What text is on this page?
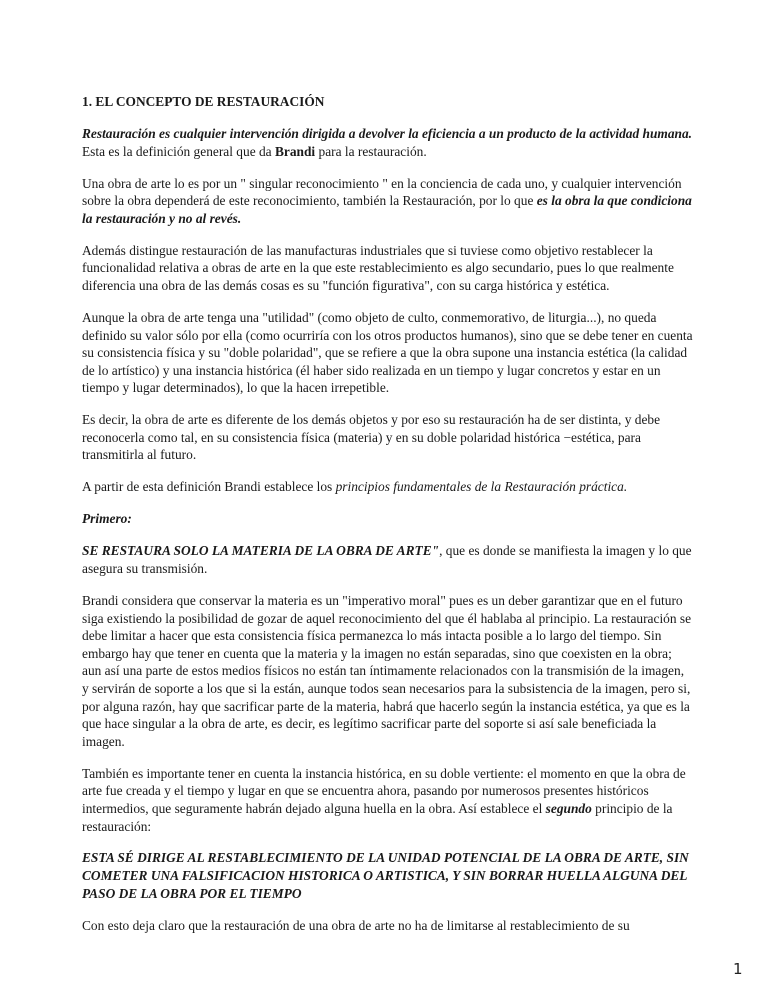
1. EL CONCEPTO DE RESTAURACIÓN

Restauración es cualquier intervención dirigida a devolver la eficiencia a un producto de la actividad humana. Esta es la definición general que da Brandi para la restauración.

Una obra de arte lo es por un " singular reconocimiento " en la conciencia de cada uno, y cualquier intervención sobre la obra dependerá de este reconocimiento, también la Restauración, por lo que es la obra la que condiciona la restauración y no al revés.

Además distingue restauración de las manufacturas industriales que si tuviese como objetivo restablecer la funcionalidad relativa a obras de arte en la que este restablecimiento es algo secundario, pues lo que realmente diferencia una obra de las demás cosas es su "función figurativa", con su carga histórica y estética.

Aunque la obra de arte tenga una "utilidad" (como objeto de culto, conmemorativo, de liturgia...), no queda definido su valor sólo por ella (como ocurriría con los otros productos humanos), sino que se debe tener en cuenta su consistencia física y su "doble polaridad", que se refiere a que la obra supone una instancia estética (la calidad de lo artístico) y una instancia histórica (él haber sido realizada en un tiempo y lugar concretos y estar en un tiempo y lugar determinados), lo que la hacen irrepetible.

Es decir, la obra de arte es diferente de los demás objetos y por eso su restauración ha de ser distinta, y debe reconocerla como tal, en su consistencia física (materia) y en su doble polaridad histórica −estética, para transmitirla al futuro.

A partir de esta definición Brandi establece los principios fundamentales de la Restauración práctica.

Primero:

SE RESTAURA SOLO LA MATERIA DE LA OBRA DE ARTE", que es donde se manifiesta la imagen y lo que asegura su transmisión.

Brandi considera que conservar la materia es un "imperativo moral" pues es un deber garantizar que en el futuro siga existiendo la posibilidad de gozar de aquel reconocimiento del que él hablaba al principio. La restauración se debe limitar a hacer que esta consistencia física permanezca lo más intacta posible a lo largo del tiempo. Sin embargo hay que tener en cuenta que la materia y la imagen no están separadas, sino que coexisten en la obra; aun así una parte de estos medios físicos no están tan íntimamente relacionados con la transmisión de la imagen, y servirán de soporte a los que si la están, aunque todos sean necesarios para la subsistencia de la imagen, pero si, por alguna razón, hay que sacrificar parte de la materia, habrá que hacerlo según la instancia estética, ya que es la que hace singular a la obra de arte, es decir, es legítimo sacrificar parte del soporte si así sale beneficiada la imagen.

También es importante tener en cuenta la instancia histórica, en su doble vertiente: el momento en que la obra de arte fue creada y el tiempo y lugar en que se encuentra ahora, pasando por numerosos presentes históricos intermedios, que seguramente habrán dejado alguna huella en la obra. Así establece el segundo principio de la restauración:

ESTA SÉ DIRIGE AL RESTABLECIMIENTO DE LA UNIDAD POTENCIAL DE LA OBRA DE ARTE, SIN COMETER UNA FALSIFICACION HISTORICA O ARTISTICA, Y SIN BORRAR HUELLA ALGUNA DEL PASO DE LA OBRA POR EL TIEMPO

Con esto deja claro que la restauración de una obra de arte no ha de limitarse al restablecimiento de su

1
